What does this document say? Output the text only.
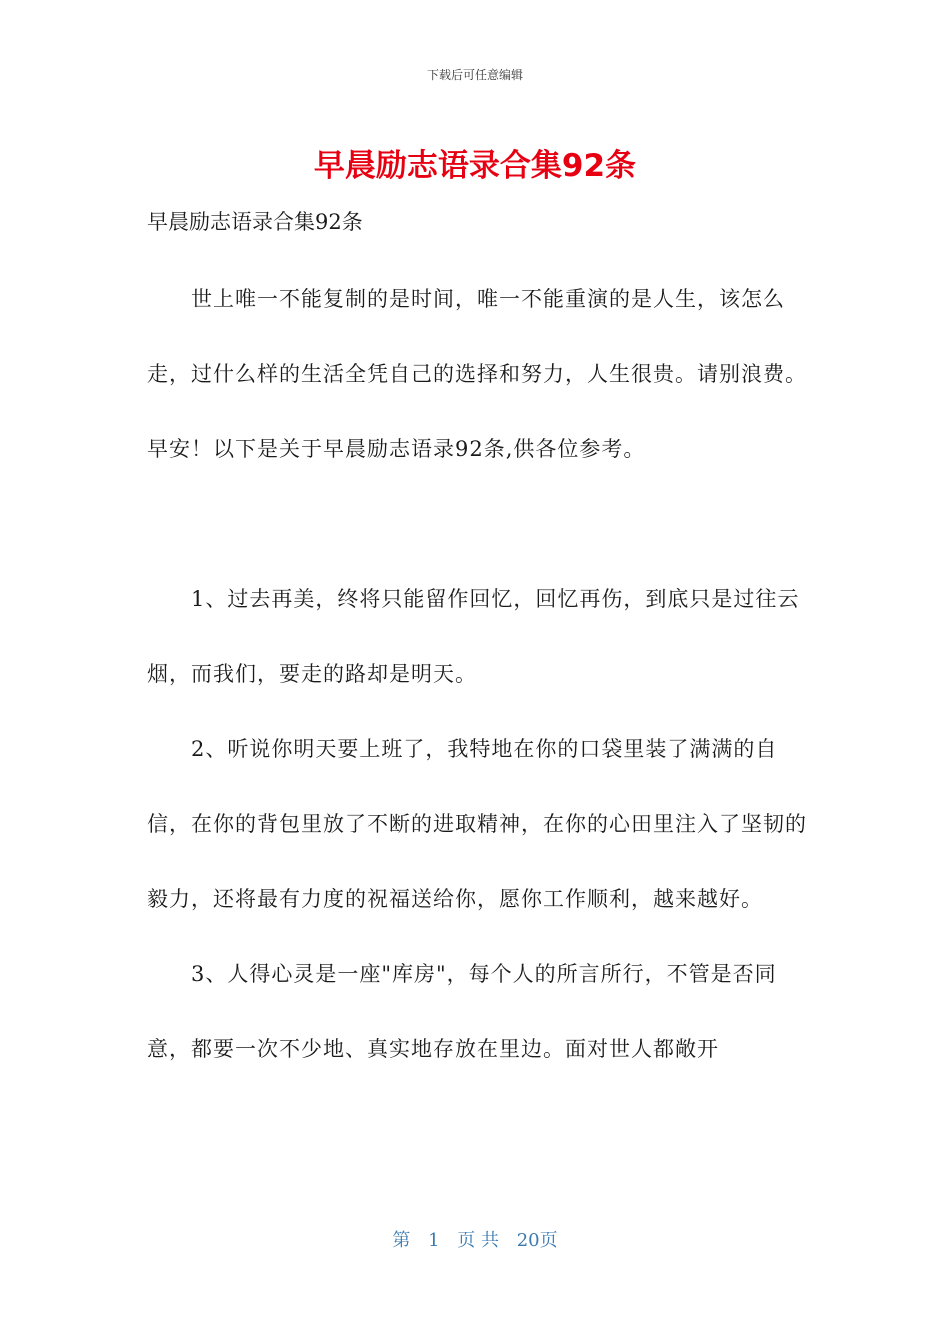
下载后可任意编辑
早晨励志语录合集92条

早晨励志语录合集92条

世上唯一不能复制的是时间，唯一不能重演的是人生，该怎么走，过什么样的生活全凭自己的选择和努力，人生很贵。请别浪费。早安！以下是关于早晨励志语录92条,供各位参考。

1、过去再美，终将只能留作回忆，回忆再伤，到底只是过往云烟，而我们，要走的路却是明天。

2、听说你明天要上班了，我特地在你的口袋里装了满满的自信，在你的背包里放了不断的进取精神，在你的心田里注入了坚韧的毅力，还将最有力度的祝福送给你，愿你工作顺利，越来越好。

3、人得心灵是一座"库房"，每个人的所言所行，不管是否同意，都要一次不少地、真实地存放在里边。面对世人都敞开

第 1 页 共 20页
